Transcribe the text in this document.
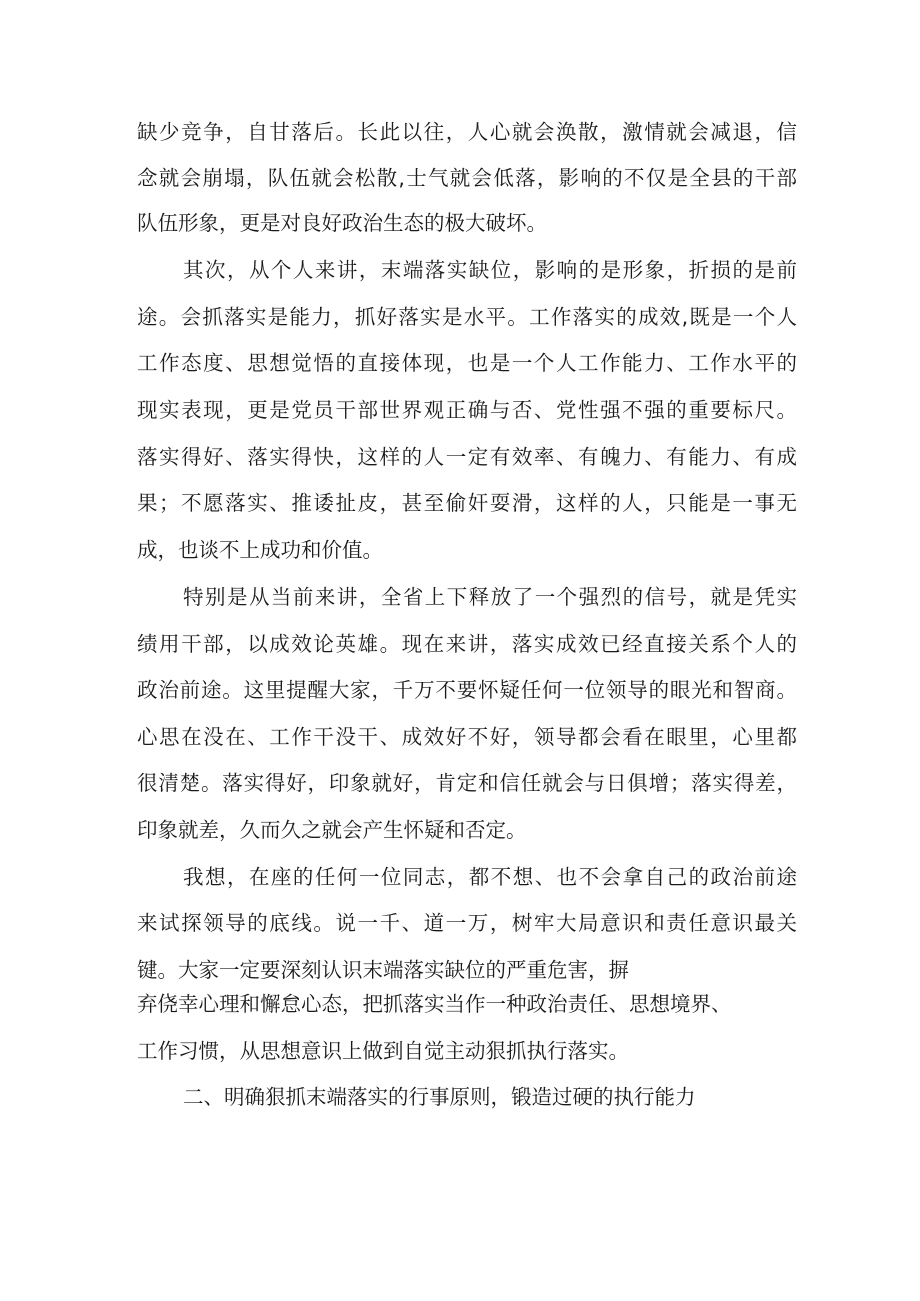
缺少竞争，自甘落后。长此以往，人心就会涣散，激情就会减退，信
念就会崩塌，队伍就会松散,士气就会低落，影响的不仅是全县的干部
队伍形象，更是对良好政治生态的极大破坏。
其次，从个人来讲，末端落实缺位，影响的是形象，折损的是前
途。会抓落实是能力，抓好落实是水平。工作落实的成效,既是一个人
工作态度、思想觉悟的直接体现，也是一个人工作能力、工作水平的
现实表现，更是党员干部世界观正确与否、党性强不强的重要标尺。
落实得好、落实得快，这样的人一定有效率、有魄力、有能力、有成
果；不愿落实、推诿扯皮，甚至偷奸耍滑，这样的人，只能是一事无
成，也谈不上成功和价值。
特别是从当前来讲，全省上下释放了一个强烈的信号，就是凭实
绩用干部，以成效论英雄。现在来讲，落实成效已经直接关系个人的
政治前途。这里提醒大家，千万不要怀疑任何一位领导的眼光和智商。
心思在没在、工作干没干、成效好不好，领导都会看在眼里，心里都
很清楚。落实得好，印象就好，肯定和信任就会与日俱增；落实得差，
印象就差，久而久之就会产生怀疑和否定。
我想，在座的任何一位同志，都不想、也不会拿自己的政治前途
来试探领导的底线。说一千、道一万，树牢大局意识和责任意识最关
键。大家一定要深刻认识末端落实缺位的严重危害，摒
弃侥幸心理和懈怠心态，把抓落实当作一种政治责任、思想境界、
工作习惯，从思想意识上做到自觉主动狠抓执行落实。
二、明确狠抓末端落实的行事原则，锻造过硬的执行能力
